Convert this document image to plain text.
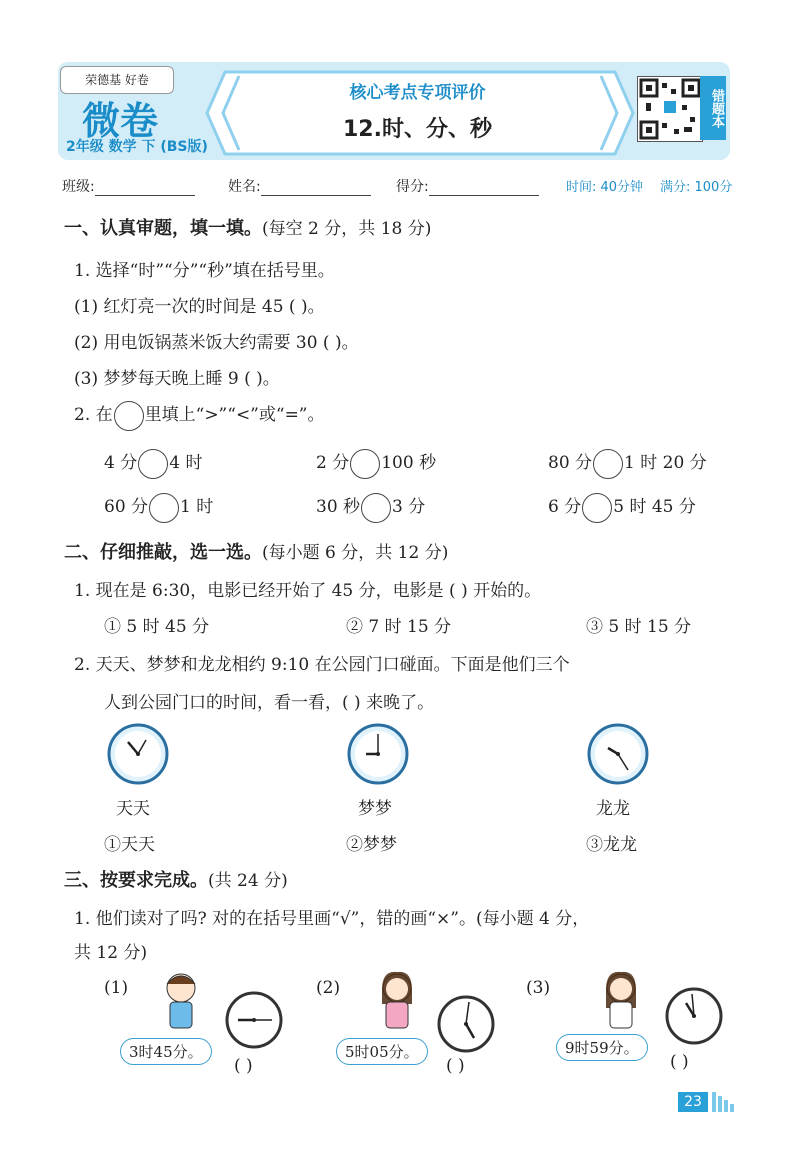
荣德基 好卷
微卷
2年级 数学 下 (BS版)
核心考点专项评价
12.时、分、秒
错题本
班级:	姓名:	得分:	时间: 40分钟 满分: 100分
一、认真审题，填一填。(每空 2 分，共 18 分)
1. 选择“时”“分”“秒”填在括号里。
(1) 红灯亮一次的时间是 45 ( )。
(2) 用电饭锅蒸米饭大约需要 30 ( )。
(3) 梦梦每天晚上睡 9 ( )。
2. 在 里填上“>”“<”或“=”。
4 分 4 时	2 分 100 秒	80 分 1 时 20 分
60 分 1 时	30 秒 3 分	6 分 5 时 45 分
二、仔细推敲，选一选。(每小题 6 分，共 12 分)
1. 现在是 6:30，电影已经开始了 45 分，电影是 ( ) 开始的。
① 5 时 45 分	② 7 时 15 分	③ 5 时 15 分
2. 天天、梦梦和龙龙相约 9:10 在公园门口碰面。下面是他们三个
人到公园门口的时间，看一看，( ) 来晚了。
天天	梦梦	龙龙
①天天	②梦梦	③龙龙
三、按要求完成。(共 24 分)
1. 他们读对了吗? 对的在括号里画“√”，错的画“×”。(每小题 4 分，
共 12 分)
(1)
3时45分。
( )
(2)
5时05分。
( )
(3)
9时59分。
( )
23
